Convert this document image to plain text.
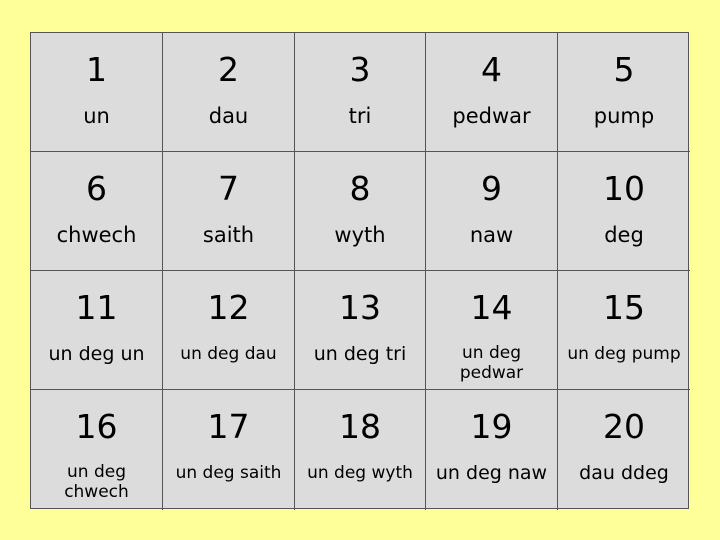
1
un
2
dau
3
tri
4
pedwar
5
pump
6
chwech
7
saith
8
wyth
9
naw
10
deg
11
un deg un
12
un deg dau
13
un deg tri
14
un deg pedwar
15
un deg pump
16
un deg chwech
17
un deg saith
18
un deg wyth
19
un deg naw
20
dau ddeg
